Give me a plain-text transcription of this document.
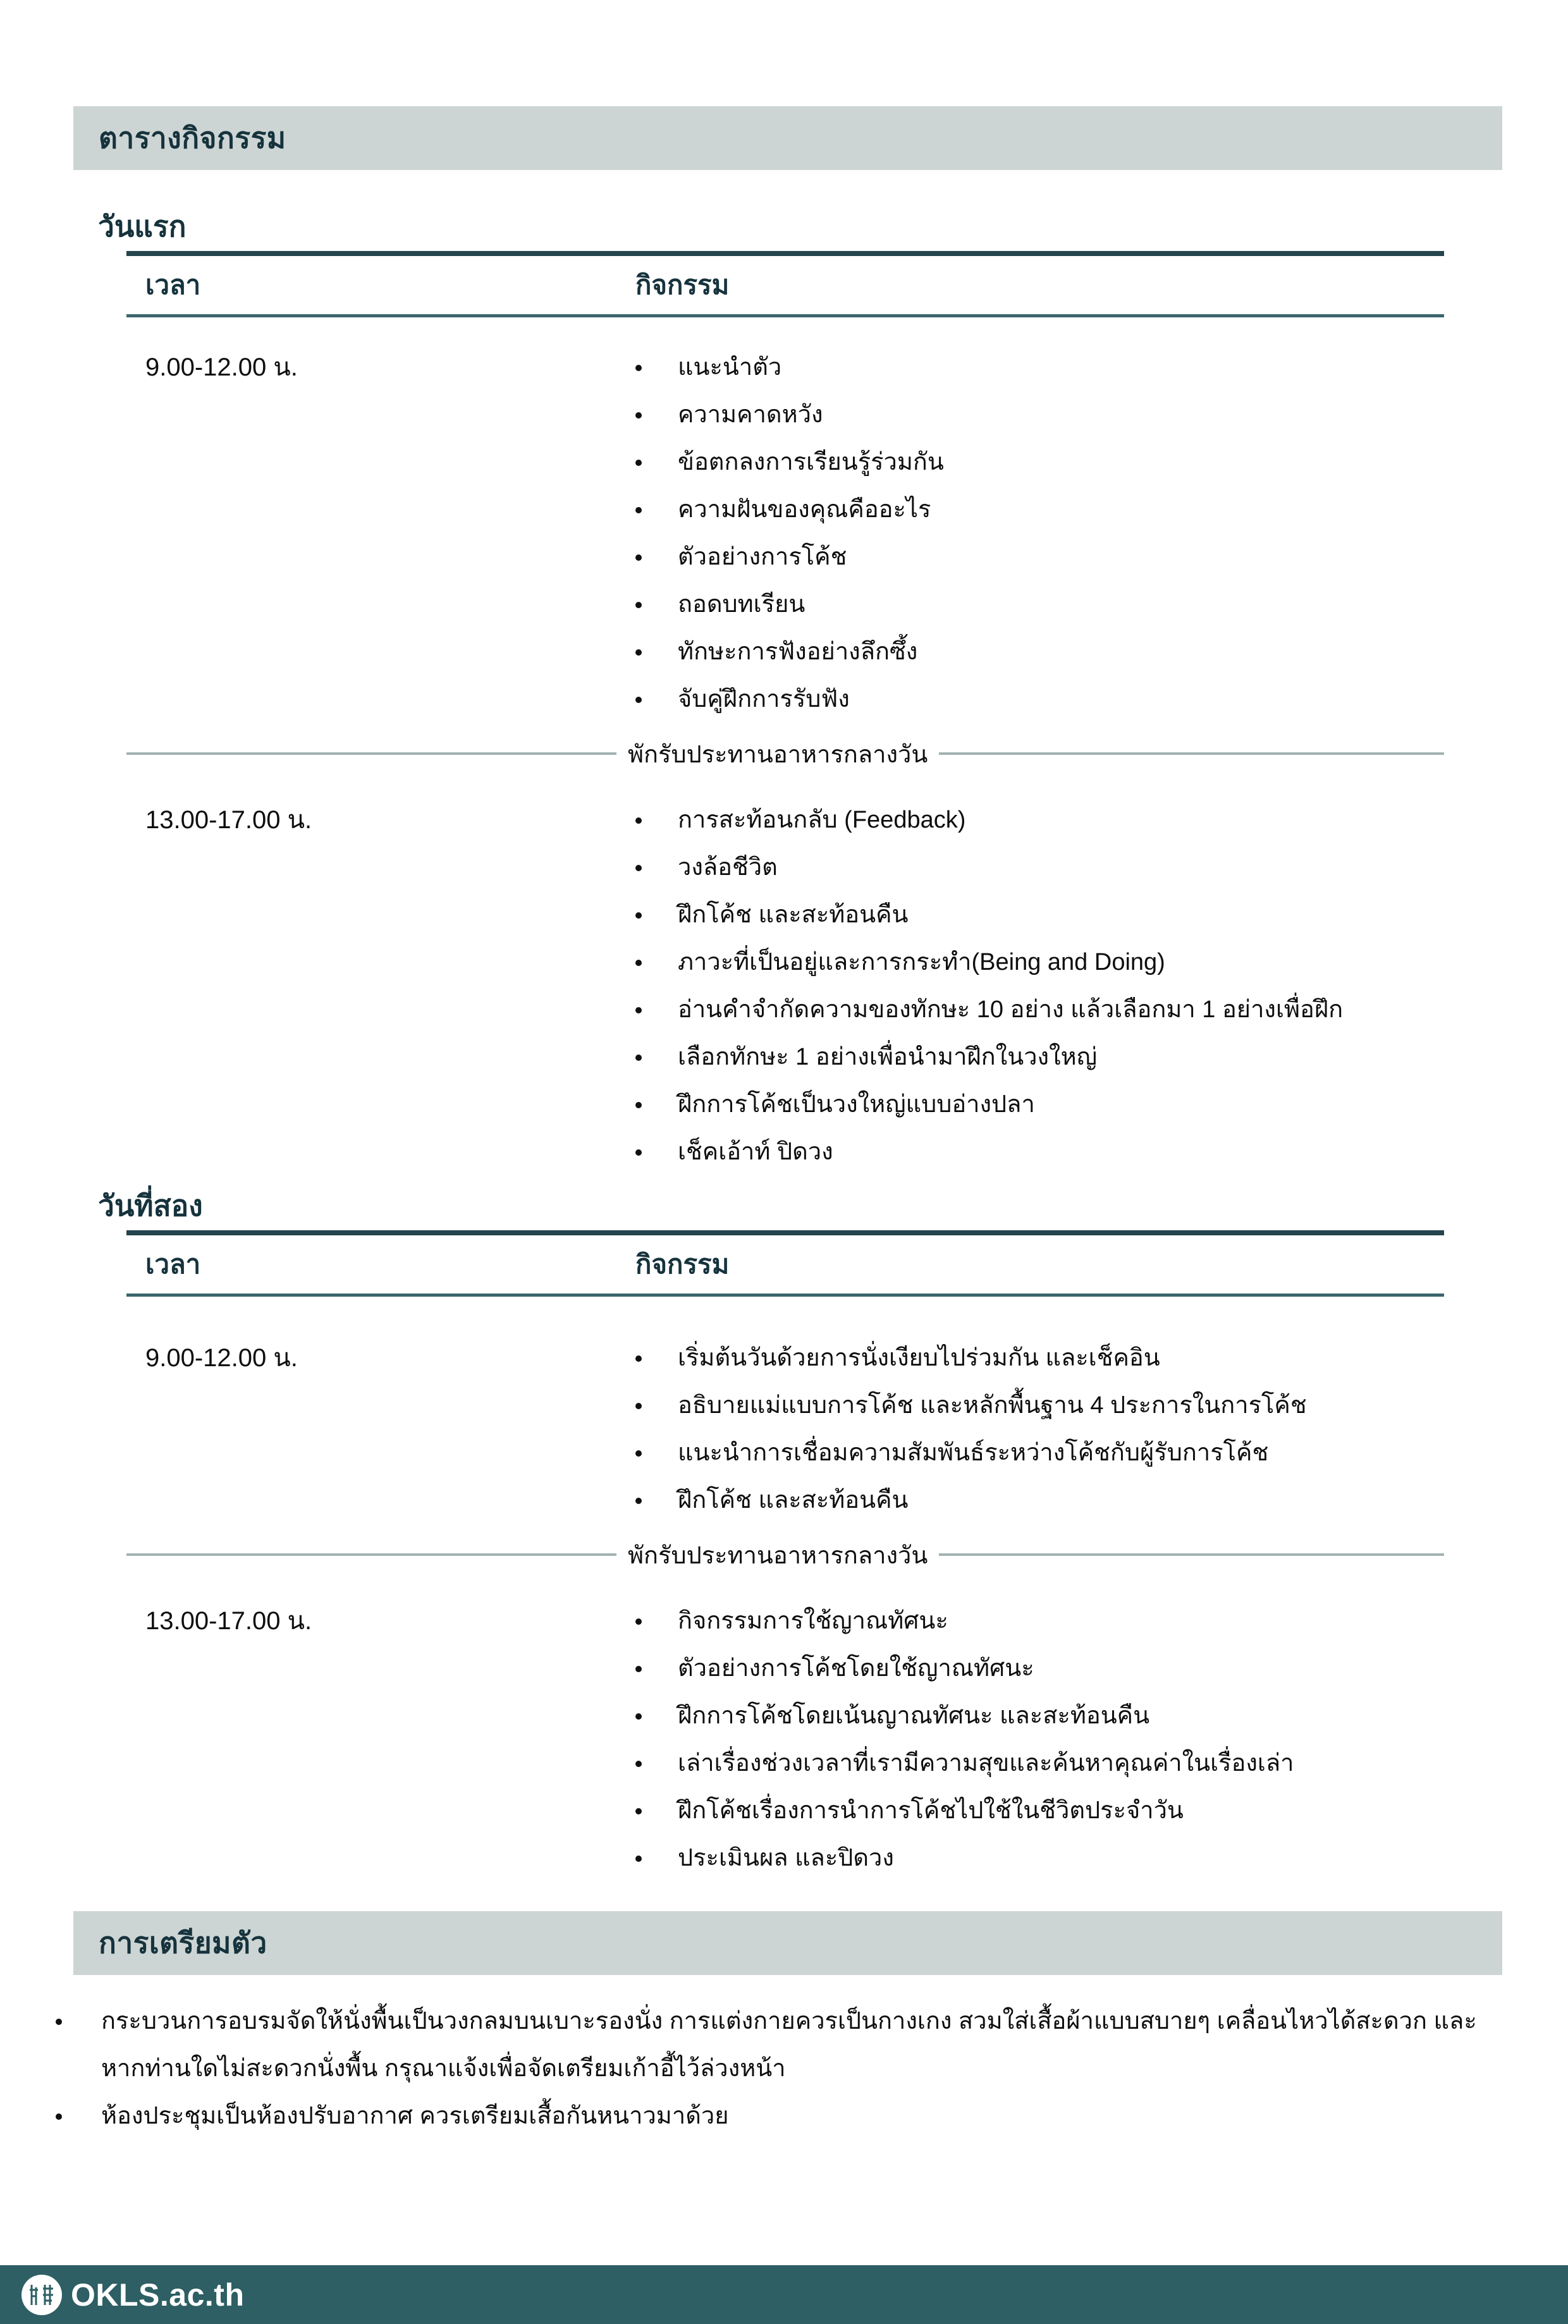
ตารางกิจกรรม
วันแรก
เวลา	กิจกรรม
9.00-12.00 น.	แนะนำตัว
ความคาดหวัง
ข้อตกลงการเรียนรู้ร่วมกัน
ความฝันของคุณคืออะไร
ตัวอย่างการโค้ช
ถอดบทเรียน
ทักษะการฟังอย่างลึกซึ้ง
จับคู่ฝึกการรับฟัง
พักรับประทานอาหารกลางวัน
13.00-17.00 น.	การสะท้อนกลับ (Feedback)
วงล้อชีวิต
ฝึกโค้ช และสะท้อนคืน
ภาวะที่เป็นอยู่และการกระทำ(Being and Doing)
อ่านคำจำกัดความของทักษะ 10 อย่าง แล้วเลือกมา 1 อย่างเพื่อฝึก
เลือกทักษะ 1 อย่างเพื่อนำมาฝึกในวงใหญ่
ฝึกการโค้ชเป็นวงใหญ่แบบอ่างปลา
เช็คเอ้าท์ ปิดวง
วันที่สอง
เวลา	กิจกรรม
9.00-12.00 น.	เริ่มต้นวันด้วยการนั่งเงียบไปร่วมกัน และเช็คอิน
อธิบายแม่แบบการโค้ช และหลักพื้นฐาน 4 ประการในการโค้ช
แนะนำการเชื่อมความสัมพันธ์ระหว่างโค้ชกับผู้รับการโค้ช
ฝึกโค้ช และสะท้อนคืน
พักรับประทานอาหารกลางวัน
13.00-17.00 น.	กิจกรรมการใช้ญาณทัศนะ
ตัวอย่างการโค้ชโดยใช้ญาณทัศนะ
ฝึกการโค้ชโดยเน้นญาณทัศนะ และสะท้อนคืน
เล่าเรื่องช่วงเวลาที่เรามีความสุขและค้นหาคุณค่าในเรื่องเล่า
ฝึกโค้ชเรื่องการนำการโค้ชไปใช้ในชีวิตประจำวัน
ประเมินผล และปิดวง
การเตรียมตัว
กระบวนการอบรมจัดให้นั่งพื้นเป็นวงกลมบนเบาะรองนั่ง การแต่งกายควรเป็นกางเกง สวมใส่เสื้อผ้าแบบสบายๆ เคลื่อนไหวได้สะดวก และหากท่านใดไม่สะดวกนั่งพื้น กรุณาแจ้งเพื่อจัดเตรียมเก้าอี้ไว้ล่วงหน้า
ห้องประชุมเป็นห้องปรับอากาศ ควรเตรียมเสื้อกันหนาวมาด้วย
OKLS.ac.th
